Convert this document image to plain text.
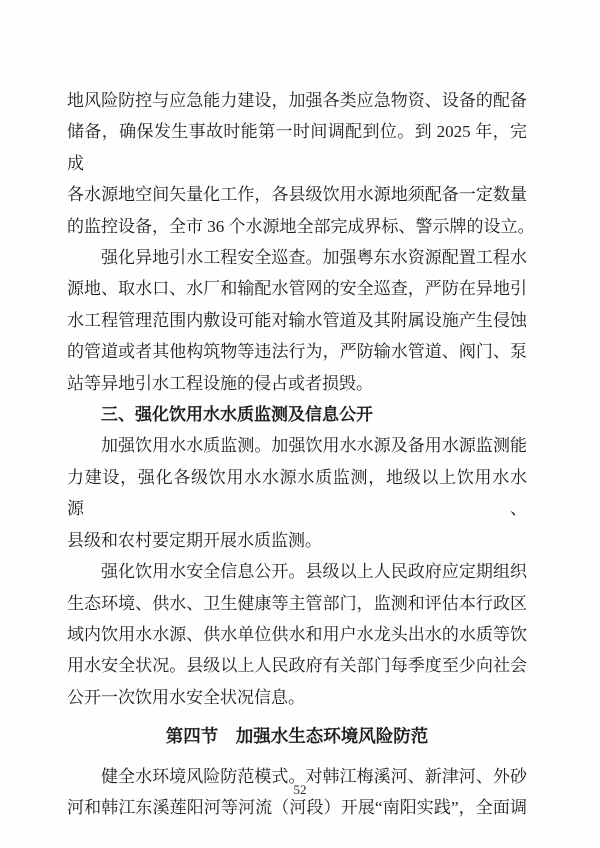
地风险防控与应急能力建设，加强各类应急物资、设备的配备

储备，确保发生事故时能第一时间调配到位。到 2025 年，完成

各水源地空间矢量化工作，各县级饮用水源地须配备一定数量

的监控设备，全市 36 个水源地全部完成界标、警示牌的设立。

强化异地引水工程安全巡查。加强粤东水资源配置工程水

源地、取水口、水厂和输配水管网的安全巡查，严防在异地引

水工程管理范围内敷设可能对输水管道及其附属设施产生侵蚀

的管道或者其他构筑物等违法行为，严防输水管道、阀门、泵

站等异地引水工程设施的侵占或者损毁。

三、强化饮用水水质监测及信息公开

加强饮用水水质监测。加强饮用水水源及备用水源监测能

力建设，强化各级饮用水水源水质监测，地级以上饮用水水源、

县级和农村要定期开展水质监测。

强化饮用水安全信息公开。县级以上人民政府应定期组织

生态环境、供水、卫生健康等主管部门，监测和评估本行政区

域内饮用水水源、供水单位供水和用户水龙头出水的水质等饮

用水安全状况。县级以上人民政府有关部门每季度至少向社会

公开一次饮用水安全状况信息。

第四节　加强水生态环境风险防范

健全水环境风险防范模式。对韩江梅溪河、新津河、外砂

河和韩江东溪莲阳河等河流（河段）开展“南阳实践”，全面调

52
